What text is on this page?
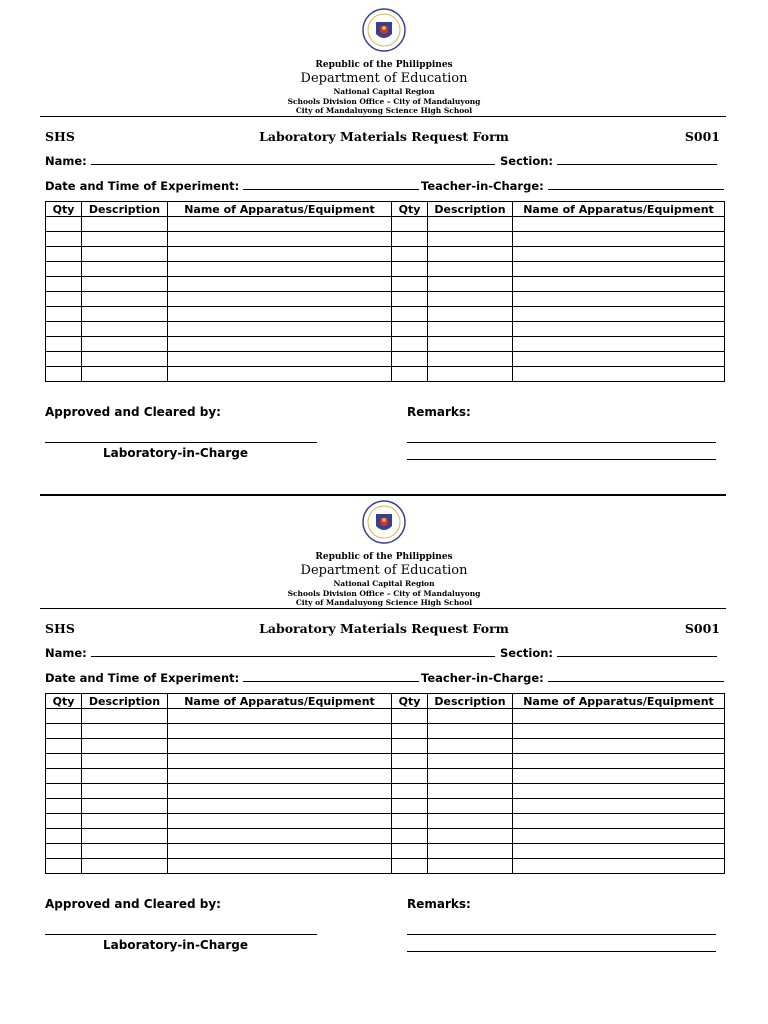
Republic of the Philippines
Department of Education
National Capital Region
Schools Division Office – City of Mandaluyong
City of Mandaluyong Science High School
SHS	Laboratory Materials Request Form	S001
Name:	Section:
Date and Time of Experiment:	Teacher-in-Charge:
Qty	Description	Name of Apparatus/Equipment	Qty	Description	Name of Apparatus/Equipment

Approved and Cleared by:	Remarks:
Laboratory-in-Charge
Republic of the Philippines
Department of Education
National Capital Region
Schools Division Office – City of Mandaluyong
City of Mandaluyong Science High School
SHS	Laboratory Materials Request Form	S001
Name:	Section:
Date and Time of Experiment:	Teacher-in-Charge:
Qty	Description	Name of Apparatus/Equipment	Qty	Description	Name of Apparatus/Equipment

Approved and Cleared by:	Remarks:
Laboratory-in-Charge
